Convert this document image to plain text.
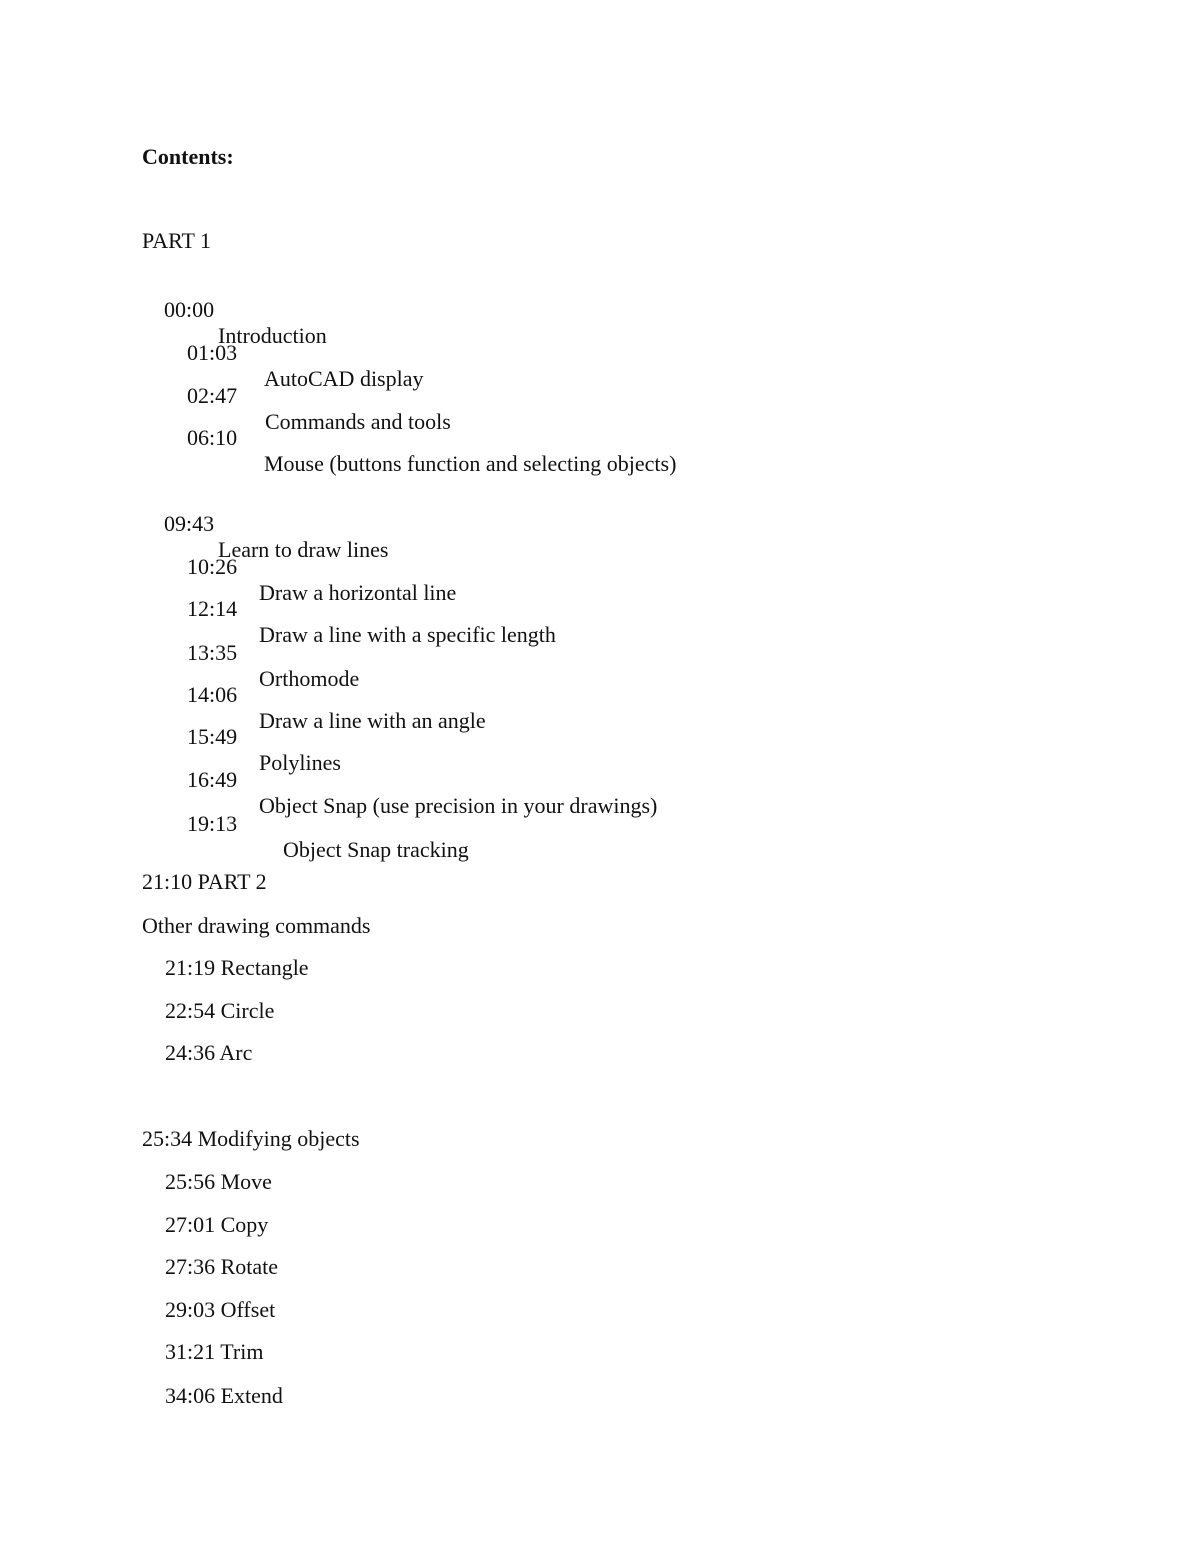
Contents:
PART 1

00:00

Introduction

01:03

AutoCAD display

02:47

Commands and tools

06:10

Mouse (buttons function and selecting objects)

09:43

Learn to draw lines

10:26

Draw a horizontal line

12:14

Draw a line with a specific length

13:35

Orthomode

14:06

Draw a line with an angle

15:49

Polylines

16:49

Object Snap (use precision in your drawings)

19:13

Object Snap tracking

21:10 PART 2
Other drawing commands
21:19 Rectangle
22:54 Circle
24:36 Arc
25:34 Modifying objects
25:56 Move
27:01 Copy
27:36 Rotate
29:03 Offset
31:21 Trim
34:06 Extend
